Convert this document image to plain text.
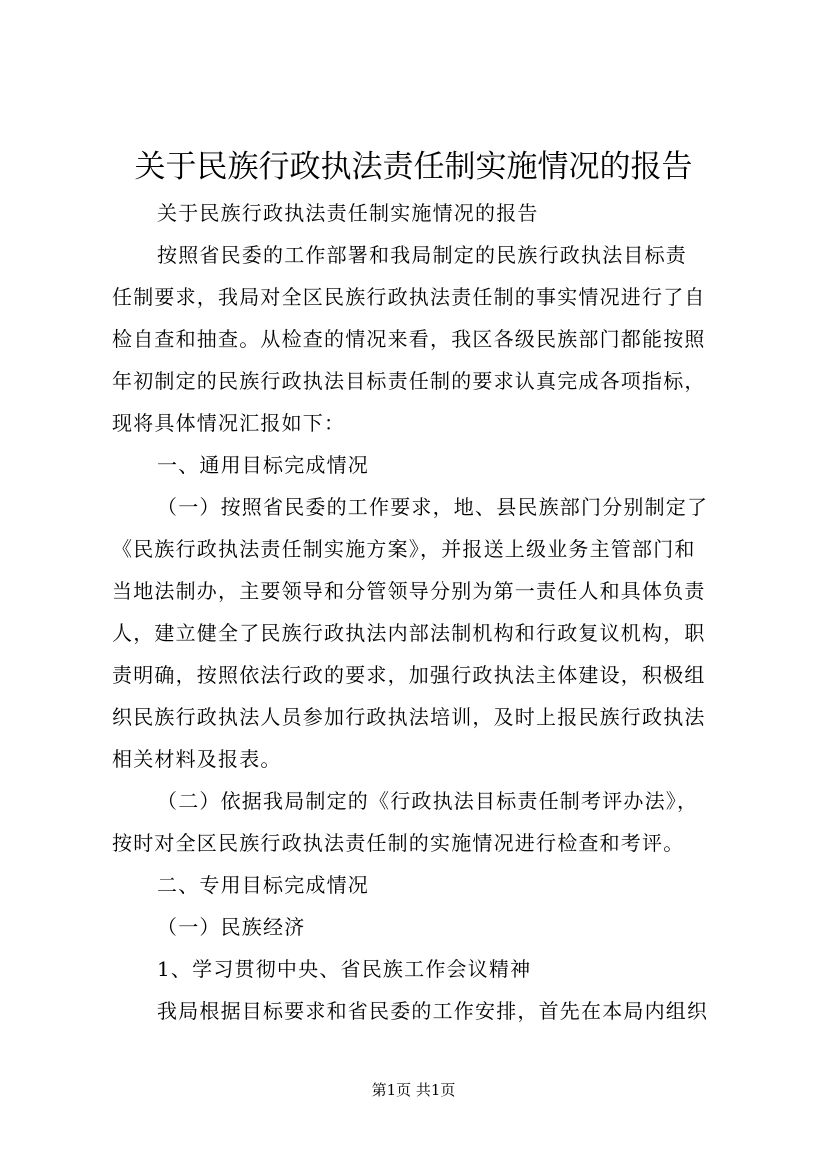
关于民族行政执法责任制实施情况的报告

关于民族行政执法责任制实施情况的报告

按照省民委的工作部署和我局制定的民族行政执法目标责

任制要求，我局对全区民族行政执法责任制的事实情况进行了自

检自查和抽查。从检查的情况来看，我区各级民族部门都能按照

年初制定的民族行政执法目标责任制的要求认真完成各项指标，

现将具体情况汇报如下：

一、通用目标完成情况

（一）按照省民委的工作要求，地、县民族部门分别制定了

《民族行政执法责任制实施方案》，并报送上级业务主管部门和

当地法制办，主要领导和分管领导分别为第一责任人和具体负责

人，建立健全了民族行政执法内部法制机构和行政复议机构，职

责明确，按照依法行政的要求，加强行政执法主体建设，积极组

织民族行政执法人员参加行政执法培训，及时上报民族行政执法

相关材料及报表。

（二）依据我局制定的《行政执法目标责任制考评办法》，

按时对全区民族行政执法责任制的实施情况进行检查和考评。

二、专用目标完成情况

（一）民族经济

1、学习贯彻中央、省民族工作会议精神

我局根据目标要求和省民委的工作安排，首先在本局内组织

第1页 共1页
